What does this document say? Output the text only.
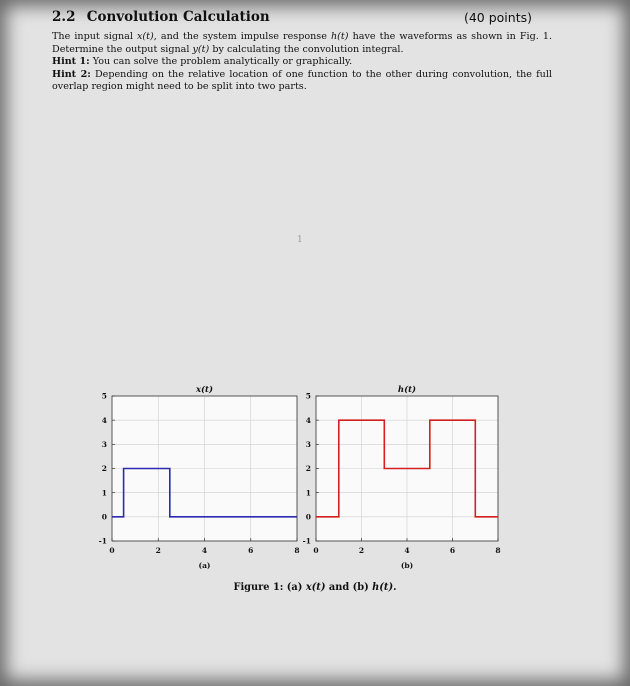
2.2 Convolution Calculation	(40 points)

The input signal x(t), and the system impulse response h(t) have the waveforms as shown in Fig. 1. Determine the output signal y(t) by calculating the convolution integral.

Hint 1: You can solve the problem analytically or graphically.

Hint 2: Depending on the relative location of one function to the other during convolution, the full overlap region might need to be split into two parts.

1
0	2	4	6	8
-1
0
1
2
3
4
5
x(t)
(a)
0	2	4	6	8
-1
0
1
2
3
4
5
h(t)
(b)
Figure 1: (a) x(t) and (b) h(t).
